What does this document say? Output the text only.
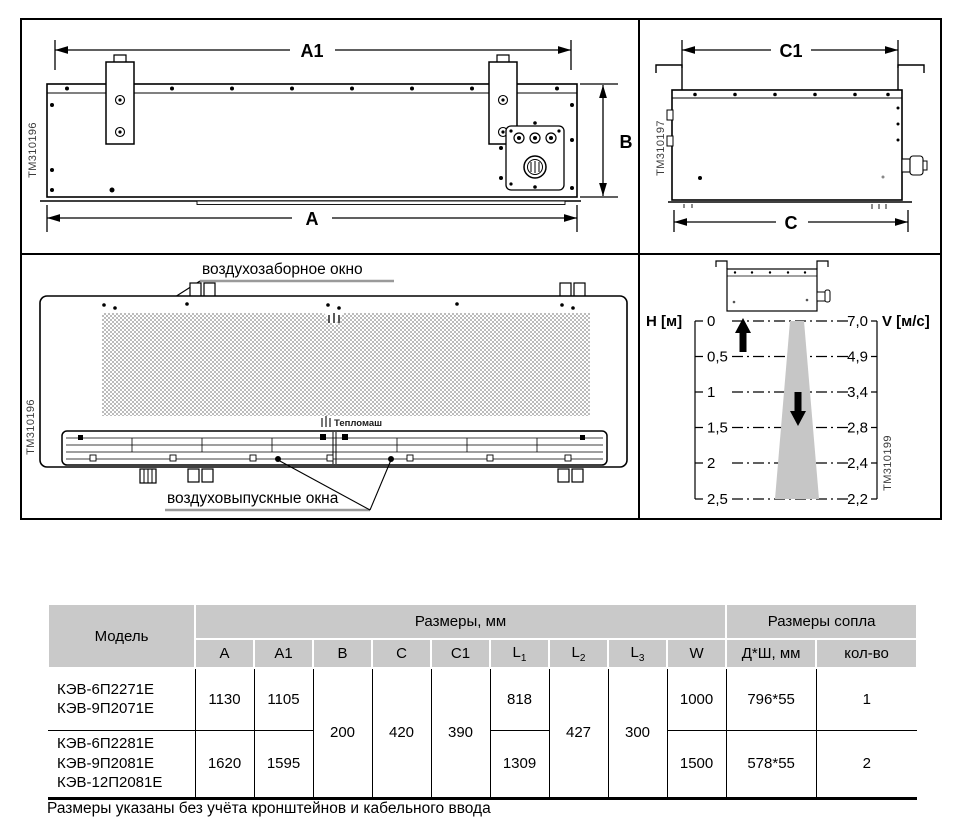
A1
B
A
TM310196
C1
C
TM310197
воздухозаборное окно
Тепломаш
воздуховыпускные окна
TM310196
H [м]	V [м/с]
0
0,5
1
1,5
2
2,5
7,0
4,9
3,4
2,8
2,4
2,2
TM310199
Модель	Размеры, мм									Размеры сопла	
	A	A1	B	C	C1	$L_1$	$L_2$	$L_3$	W	Д*Ш, мм	кол-во

КЭВ-6П2271Е
КЭВ-9П2071Е	1130	1105	200	420	390	818	427	300	1000	796*55	1

КЭВ-6П2281Е
КЭВ-9П2081Е
КЭВ-12П2081Е	1620	1595				1309			1500	578*55	2
Размеры указаны без учёта кронштейнов и кабельного ввода
